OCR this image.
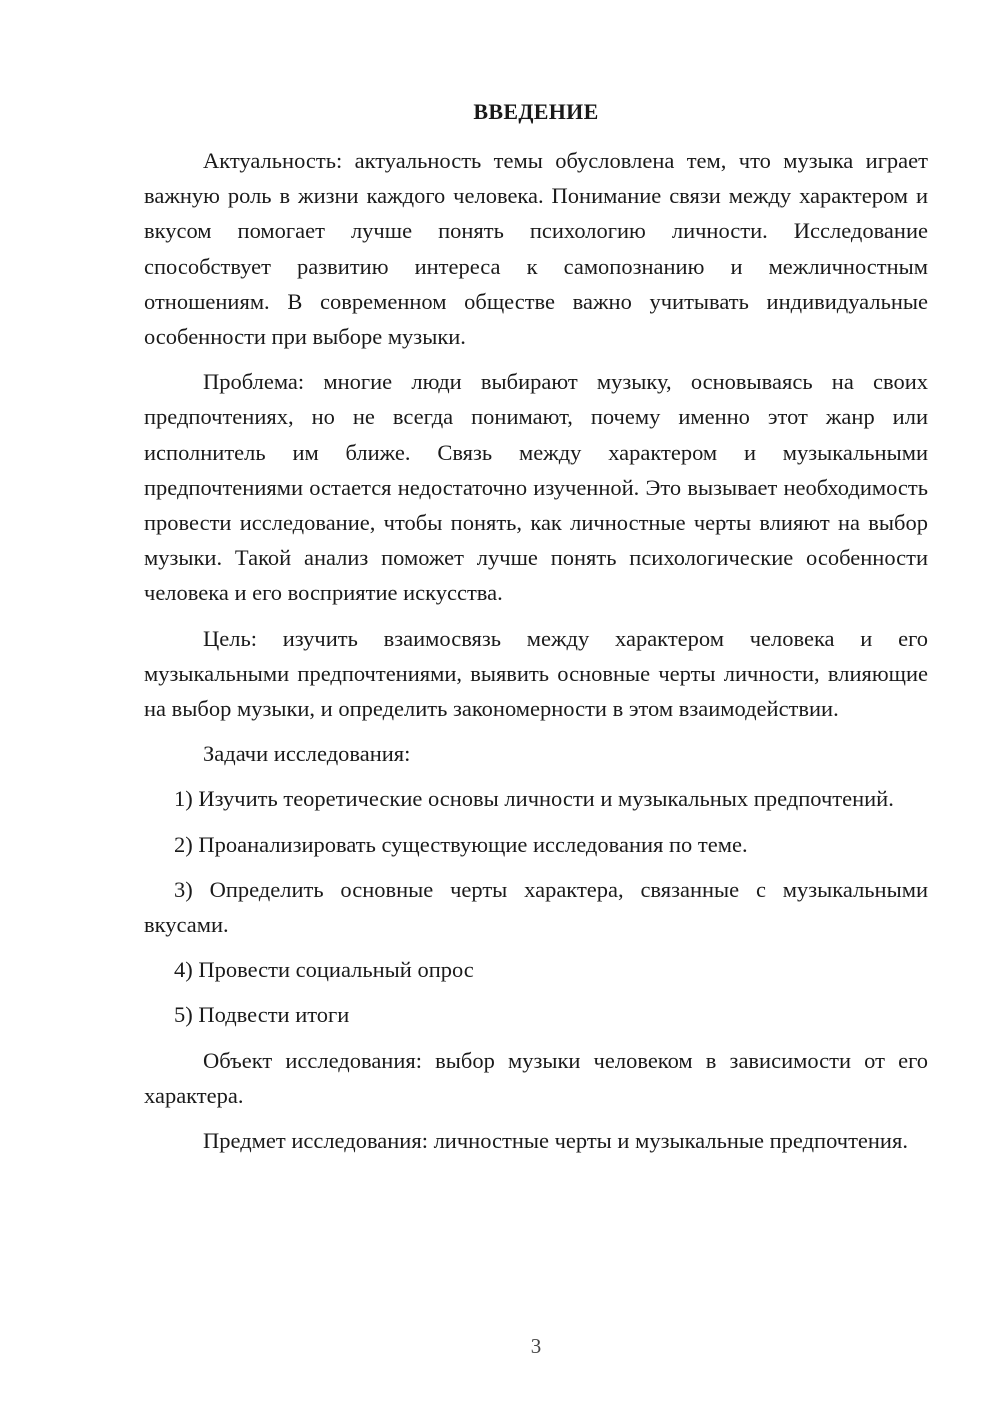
ВВЕДЕНИЕ

Актуальность: актуальность темы обусловлена тем, что музыка играет важную роль в жизни каждого человека. Понимание связи между характером и вкусом помогает лучше понять психологию личности. Исследование способствует развитию интереса к самопознанию и межличностным отношениям. В современном обществе важно учитывать индивидуальные особенности при выборе музыки.

Проблема: многие люди выбирают музыку, основываясь на своих предпочтениях, но не всегда понимают, почему именно этот жанр или исполнитель им ближе. Связь между характером и музыкальными предпочтениями остается недостаточно изученной. Это вызывает необходимость провести исследование, чтобы понять, как личностные черты влияют на выбор музыки. Такой анализ поможет лучше понять психологические особенности человека и его восприятие искусства.

Цель: изучить взаимосвязь между характером человека и его музыкальными предпочтениями, выявить основные черты личности, влияющие на выбор музыки, и определить закономерности в этом взаимодействии.

Задачи исследования:

1) Изучить теоретические основы личности и музыкальных предпочтений.

2) Проанализировать существующие исследования по теме.

3) Определить основные черты характера, связанные с музыкальными вкусами.

4) Провести социальный опрос

5) Подвести итоги

Объект исследования: выбор музыки человеком в зависимости от его характера.

Предмет исследования: личностные черты и музыкальные предпочтения.

3
